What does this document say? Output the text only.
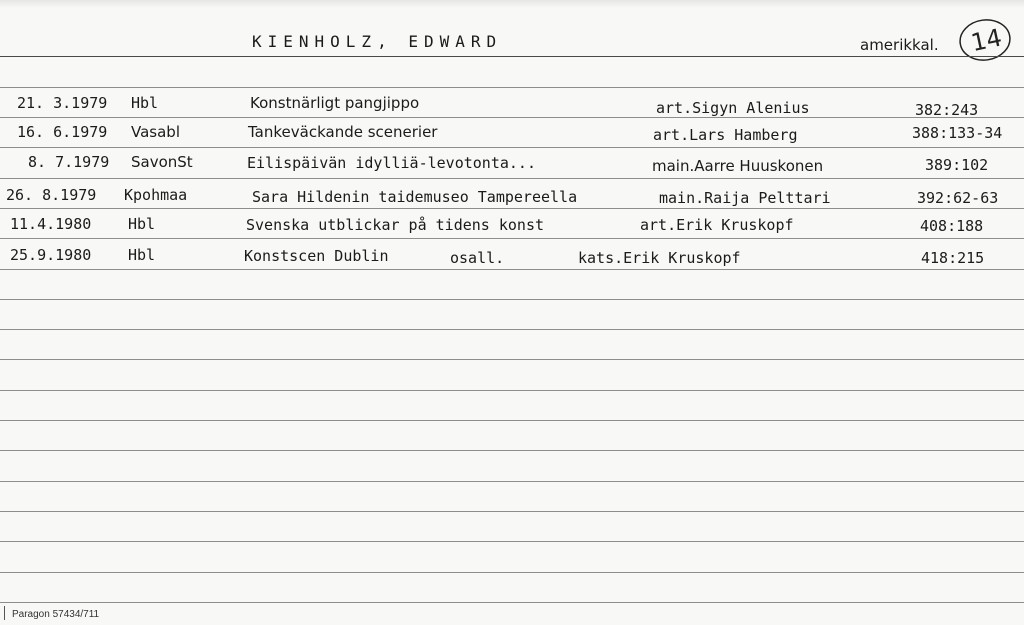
KIENHOLZ, EDWARD	amerikkal. 14
21. 3.1979 Hbl	Konstnärligt pangjippo	art.Sigyn Alenius	382:243
16. 6.1979 Vasabl	Tankeväckande scenerier	art.Lars Hamberg	388:133-34
8. 7.1979 SavonSt	Eilispäivän idylliä-levotonta...	main.Aarre Huuskonen	389:102
26. 8.1979 Kpohmaa	Sara Hildenin taidemuseo Tampereella	main.Raija Pelttari	392:62-63
11.4.1980 Hbl	Svenska utblickar på tidens konst	art.Erik Kruskopf	408:188
25.9.1980 Hbl	Konstscen Dublin	osall.	kats.Erik Kruskopf	418:215
Paragon 57434/711
